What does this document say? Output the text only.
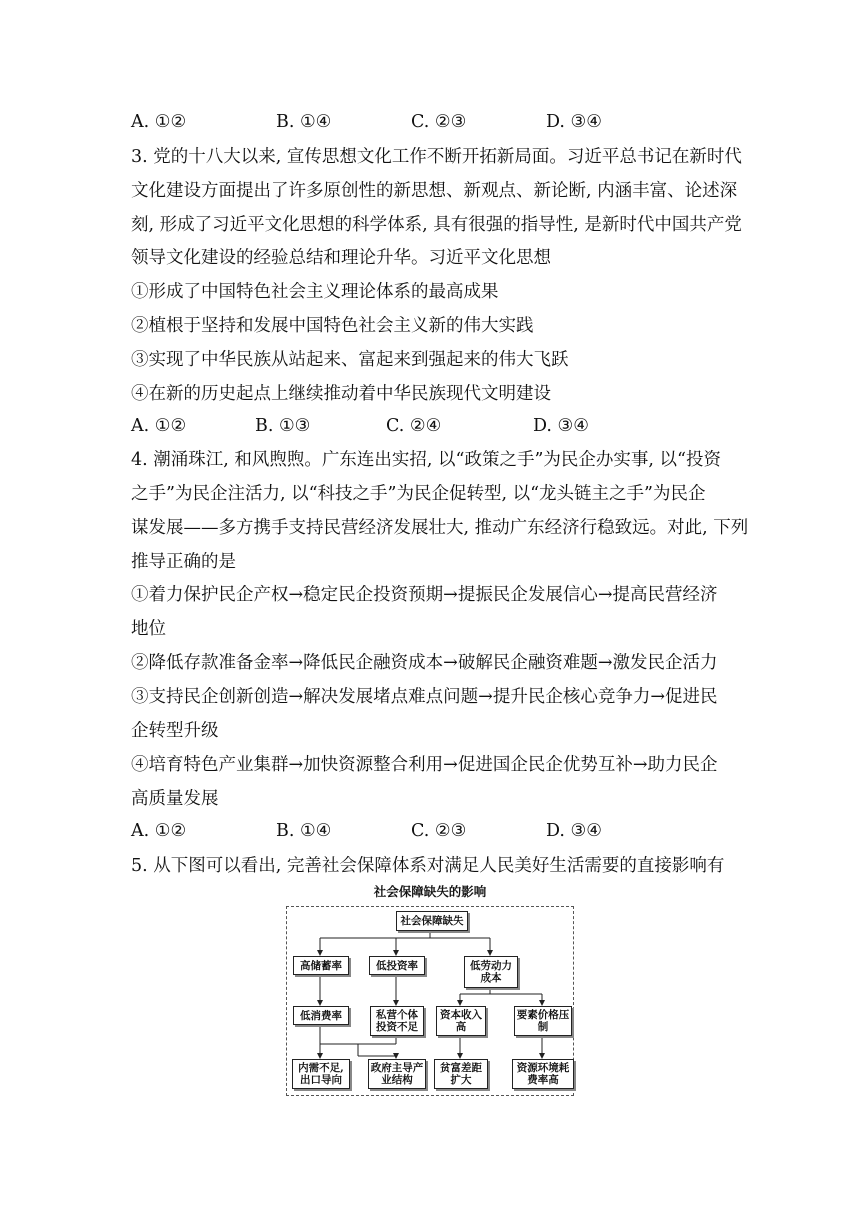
A. ①②	B. ①④	C. ②③	D. ③④
3. 党的十八大以来, 宣传思想文化工作不断开拓新局面。习近平总书记在新时代
文化建设方面提出了许多原创性的新思想、新观点、新论断, 内涵丰富、论述深
刻, 形成了习近平文化思想的科学体系, 具有很强的指导性, 是新时代中国共产党
领导文化建设的经验总结和理论升华。习近平文化思想
①形成了中国特色社会主义理论体系的最高成果
②植根于坚持和发展中国特色社会主义新的伟大实践
③实现了中华民族从站起来、富起来到强起来的伟大飞跃
④在新的历史起点上继续推动着中华民族现代文明建设
A. ①②	B. ①③	C. ②④	D. ③④
4. 潮涌珠江, 和风煦煦。广东连出实招, 以“政策之手”为民企办实事, 以“投资
之手”为民企注活力, 以“科技之手”为民企促转型, 以“龙头链主之手”为民企
谋发展——多方携手支持民营经济发展壮大, 推动广东经济行稳致远。对此, 下列
推导正确的是
①着力保护民企产权→稳定民企投资预期→提振民企发展信心→提高民营经济
地位
②降低存款准备金率→降低民企融资成本→破解民企融资难题→激发民企活力
③支持民企创新创造→解决发展堵点难点问题→提升民企核心竞争力→促进民
企转型升级
④培育特色产业集群→加快资源整合利用→促进国企民企优势互补→助力民企
高质量发展
A. ①②	B. ①④	C. ②③	D. ③④
5. 从下图可以看出, 完善社会保障体系对满足人民美好生活需要的直接影响有
社会保障缺失的影响
社会保障缺失
高储蓄率	低投资率	低劳动力成本
低消费率	私营个体投资不足
资本收入高
要素价格压制
内需不足,出口导向
政府主导产业结构
贫富差距扩大
资源环境耗费率高
